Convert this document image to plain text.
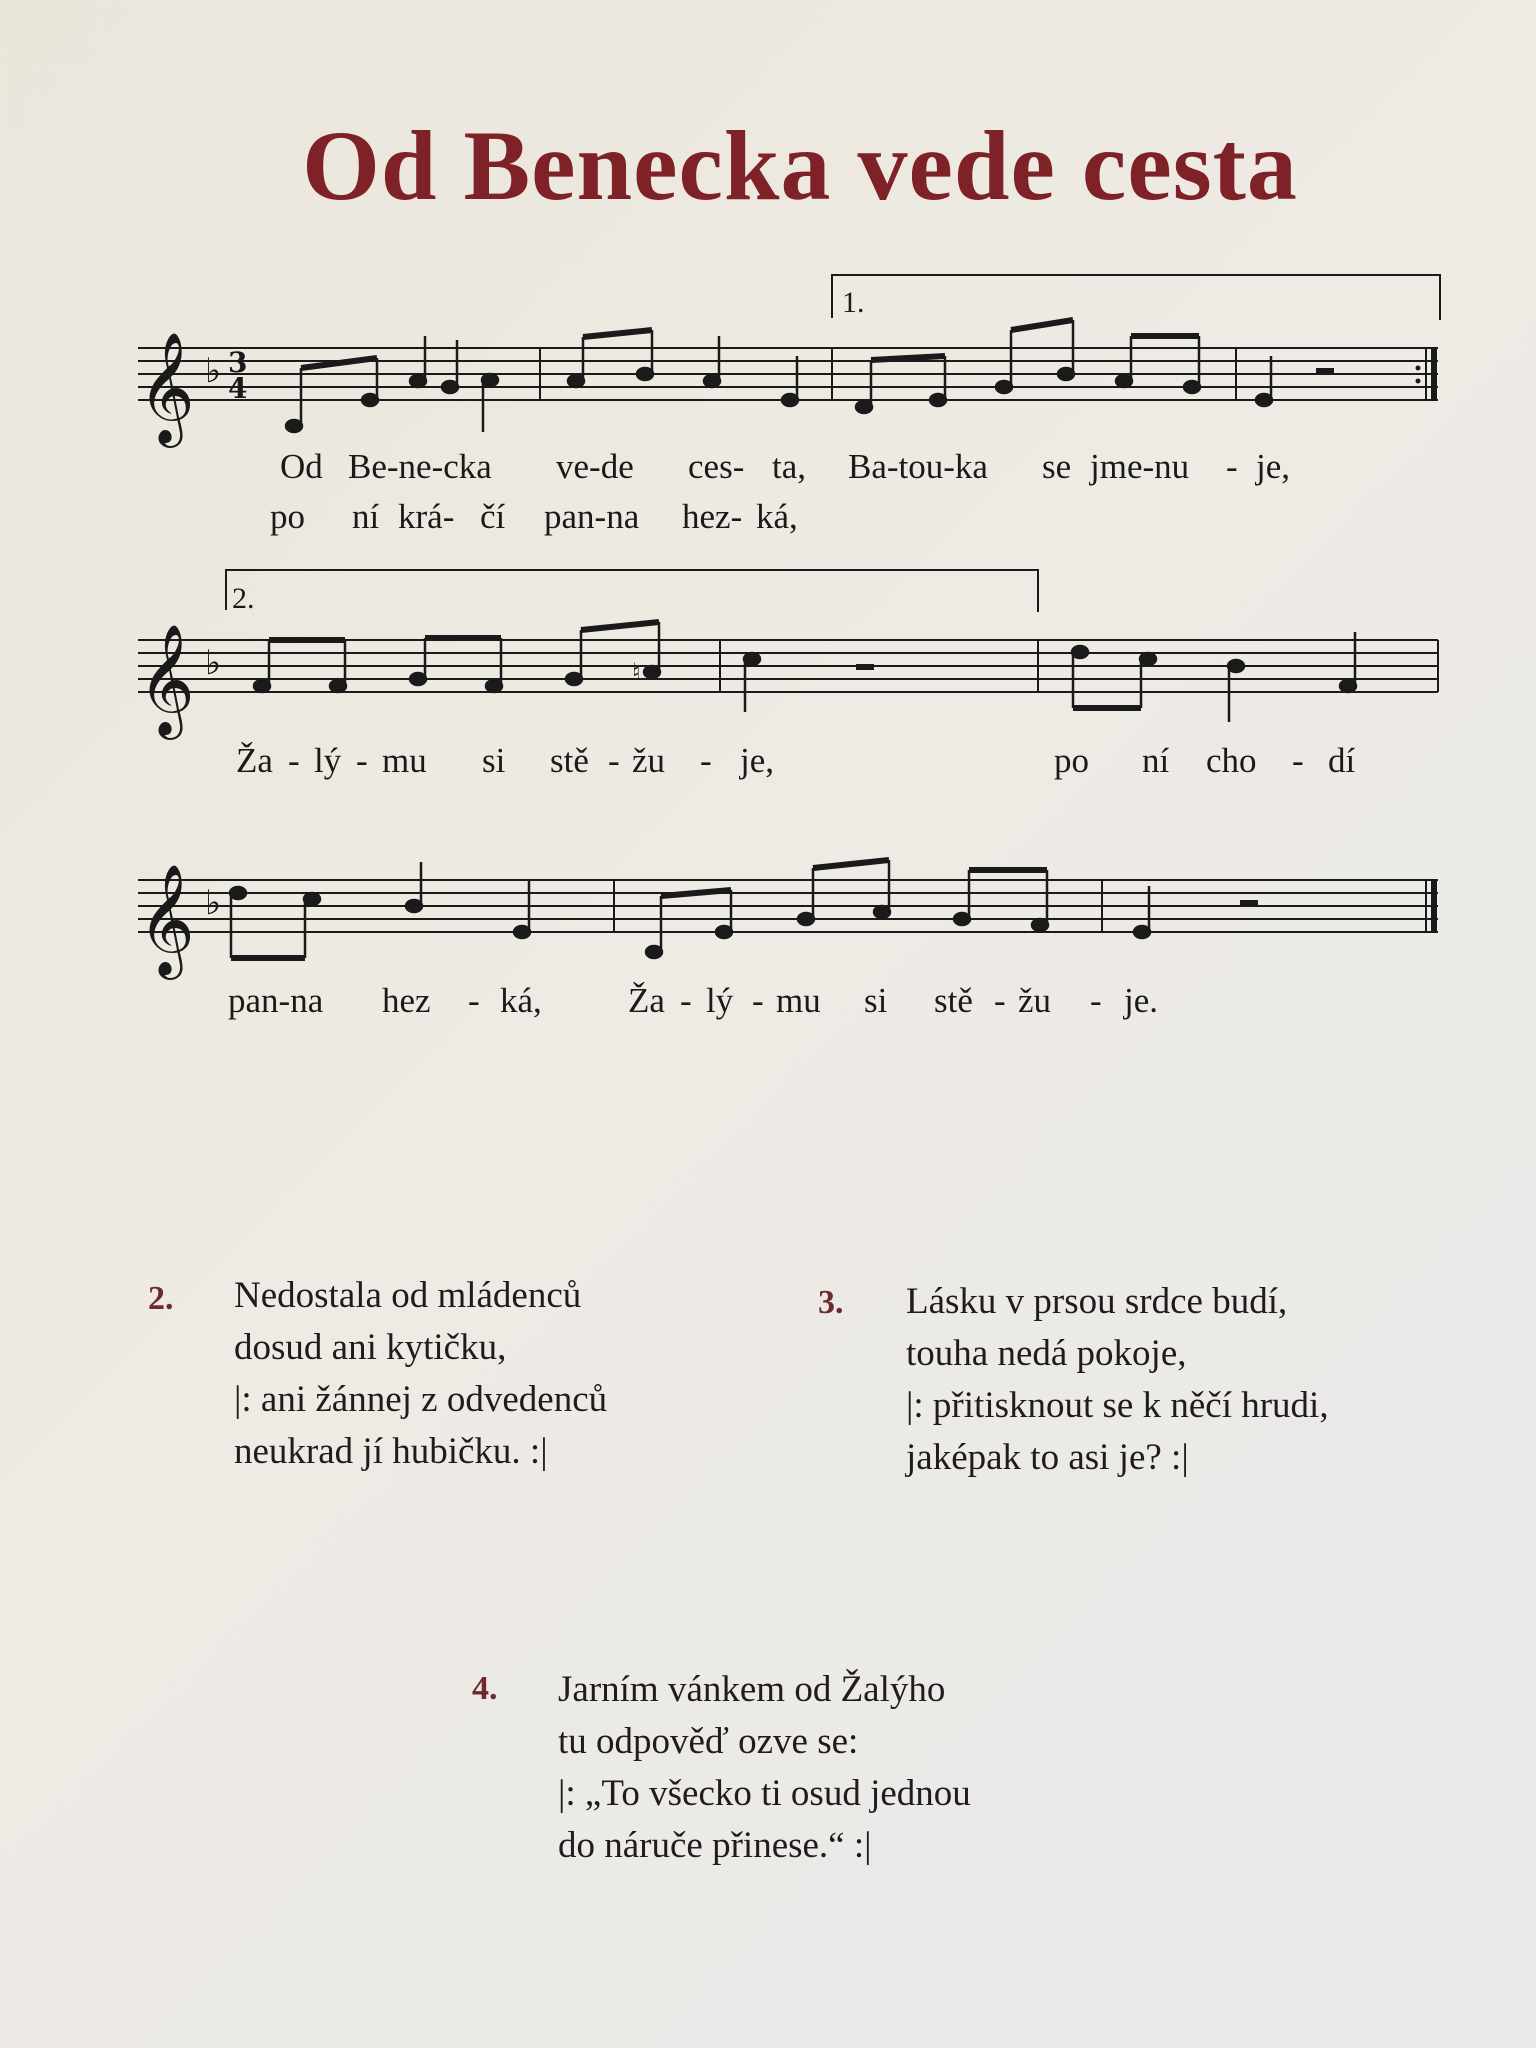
Od Benecka vede cesta
𝄞 ♭
𝄞 ♭
𝄞 ♭
3
4
1.
2.
♮
Od Be-ne-cka ve-de ces- ta, Ba-tou-ka se jme-nu - je,
po ní krá- čí pan-na hez- ká,
Ža - lý - mu si stě - žu - je,	po ní cho - dí
pan-na hez - ká, Ža - lý - mu si stě - žu - je.
2. Nedostala od mládenců
dosud ani kytičku,
|: ani žánnej z odvedenců
neukrad jí hubičku. :|
3. Lásku v prsou srdce budí,
touha nedá pokoje,
|: přitisknout se k něčí hrudi,
jaképak to asi je? :|
4. Jarním vánkem od Žalýho
tu odpověď ozve se:
|: „To všecko ti osud jednou
do náruče přinese.“ :|
